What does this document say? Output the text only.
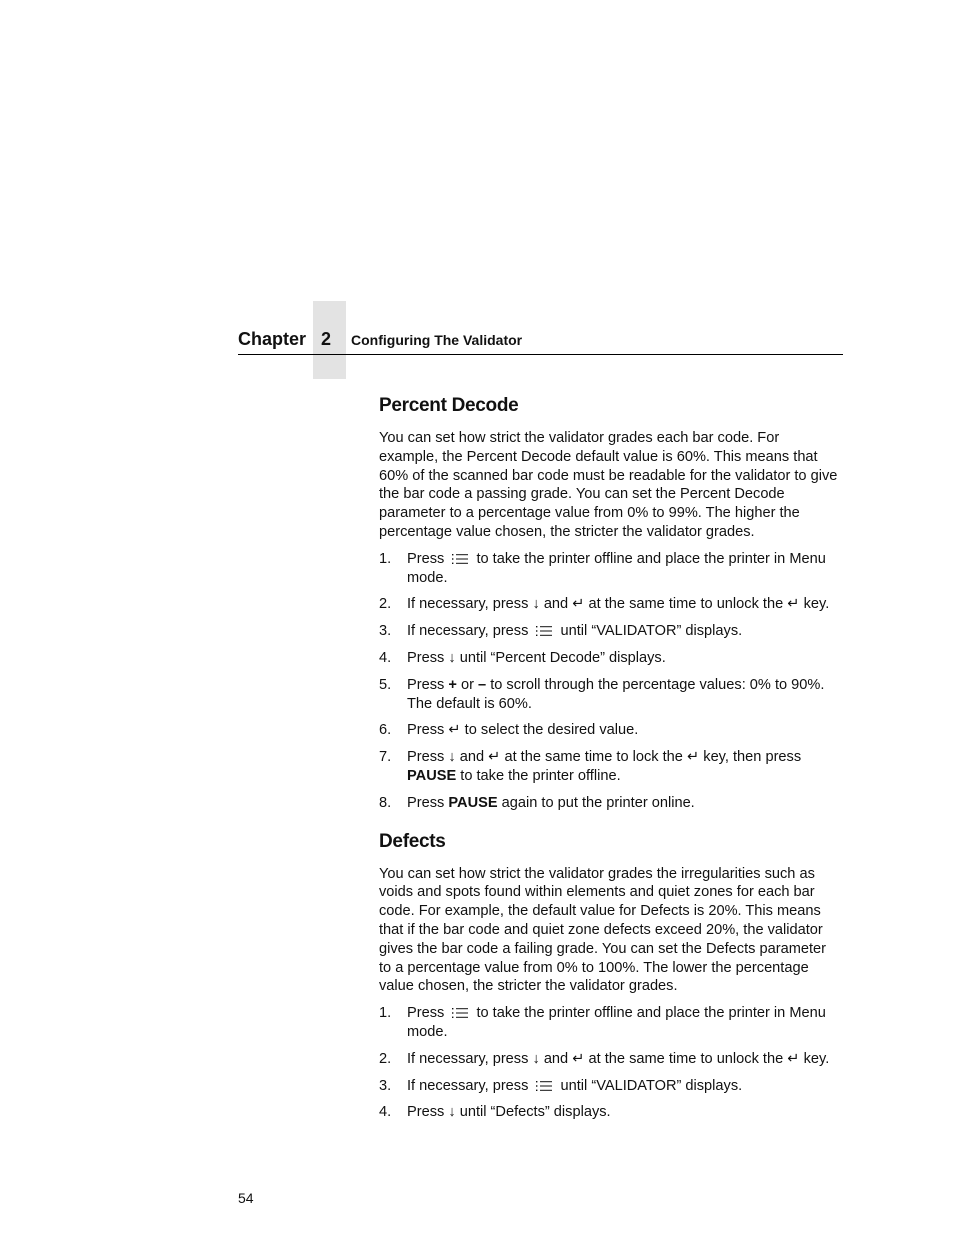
Chapter 2 Configuring The Validator
Percent Decode

You can set how strict the validator grades each bar code. For example, the Percent Decode default value is 60%. This means that 60% of the scanned bar code must be readable for the validator to give the bar code a passing grade. You can set the Percent Decode parameter to a percentage value from 0% to 99%. The higher the percentage value chosen, the stricter the validator grades.

1. Press to take the printer offline and place the printer in Menu mode.
2. If necessary, press ↓ and ↵ at the same time to unlock the ↵ key.
3. If necessary, press until “VALIDATOR” displays.
4. Press ↓ until “Percent Decode” displays.
5. Press + or – to scroll through the percentage values: 0% to 90%. The default is 60%.
6. Press ↵ to select the desired value.
7. Press ↓ and ↵ at the same time to lock the ↵ key, then press PAUSE to take the printer offline.
8. Press PAUSE again to put the printer online.
Defects

You can set how strict the validator grades the irregularities such as voids and spots found within elements and quiet zones for each bar code. For example, the default value for Defects is 20%. This means that if the bar code and quiet zone defects exceed 20%, the validator gives the bar code a failing grade. You can set the Defects parameter to a percentage value from 0% to 100%. The lower the percentage value chosen, the stricter the validator grades.

1. Press to take the printer offline and place the printer in Menu mode.
2. If necessary, press ↓ and ↵ at the same time to unlock the ↵ key.
3. If necessary, press until “VALIDATOR” displays.
4. Press ↓ until “Defects” displays.
54
